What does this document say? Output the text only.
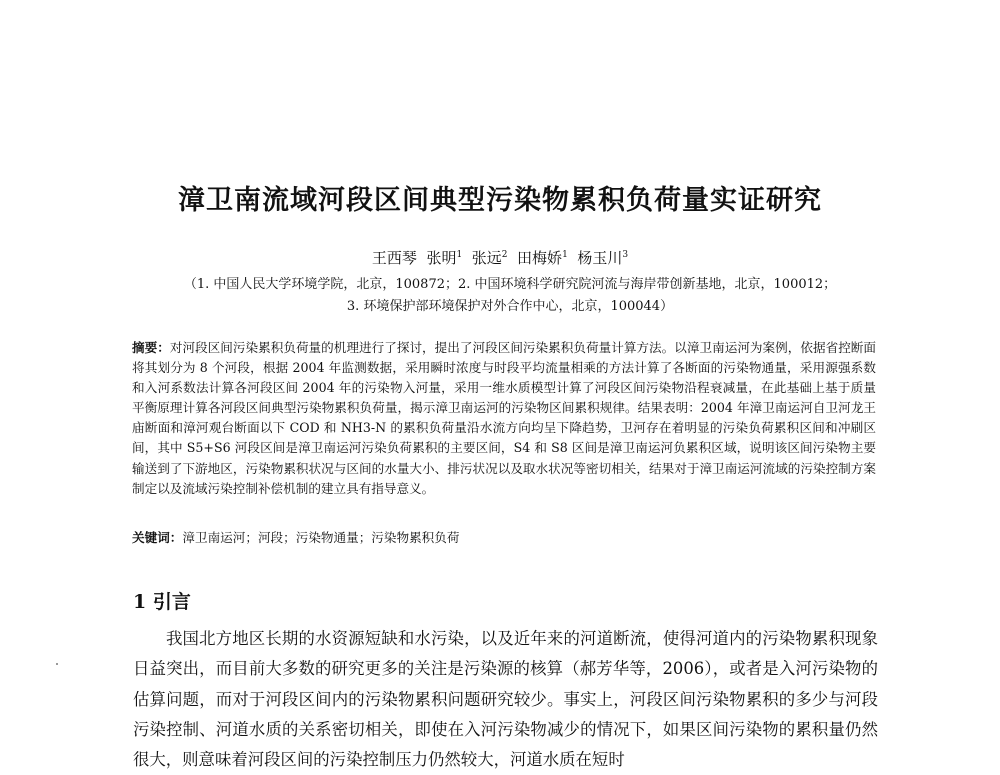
漳卫南流域河段区间典型污染物累积负荷量实证研究
王西琴 张明$^1$ 张远$^2$ 田梅娇$^1$ 杨玉川$^3$
（1. 中国人民大学环境学院，北京，100872；2. 中国环境科学研究院河流与海岸带创新基地，北京，100012；
3. 环境保护部环境保护对外合作中心，北京，100044）
摘要：对河段区间污染累积负荷量的机理进行了探讨，提出了河段区间污染累积负荷量计算方法。以漳卫南运河为案例，依据省控断面将其划分为 8 个河段，根据 2004 年监测数据，采用瞬时浓度与时段平均流量相乘的方法计算了各断面的污染物通量，采用源强系数和入河系数法计算各河段区间 2004 年的污染物入河量，采用一维水质模型计算了河段区间污染物沿程衰减量，在此基础上基于质量平衡原理计算各河段区间典型污染物累积负荷量，揭示漳卫南运河的污染物区间累积规律。结果表明：2004 年漳卫南运河自卫河龙王庙断面和漳河观台断面以下 COD 和 NH3-N 的累积负荷量沿水流方向均呈下降趋势，卫河存在着明显的污染负荷累积区间和冲刷区间，其中 S5+S6 河段区间是漳卫南运河污染负荷累积的主要区间，S4 和 S8 区间是漳卫南运河负累积区域，说明该区间污染物主要输送到了下游地区，污染物累积状况与区间的水量大小、排污状况以及取水状况等密切相关，结果对于漳卫南运河流域的污染控制方案制定以及流域污染控制补偿机制的建立具有指导意义。
关键词：漳卫南运河；河段；污染物通量；污染物累积负荷
1 引言
我国北方地区长期的水资源短缺和水污染，以及近年来的河道断流，使得河道内的污染物累积现象日益突出，而目前大多数的研究更多的关注是污染源的核算（郝芳华等，2006），或者是入河污染物的估算问题，而对于河段区间内的污染物累积问题研究较少。事实上，河段区间污染物累积的多少与河段污染控制、河道水质的关系密切相关，即使在入河污染物减少的情况下，如果区间污染物的累积量仍然很大，则意味着河段区间的污染控制压力仍然较大，河道水质在短时
